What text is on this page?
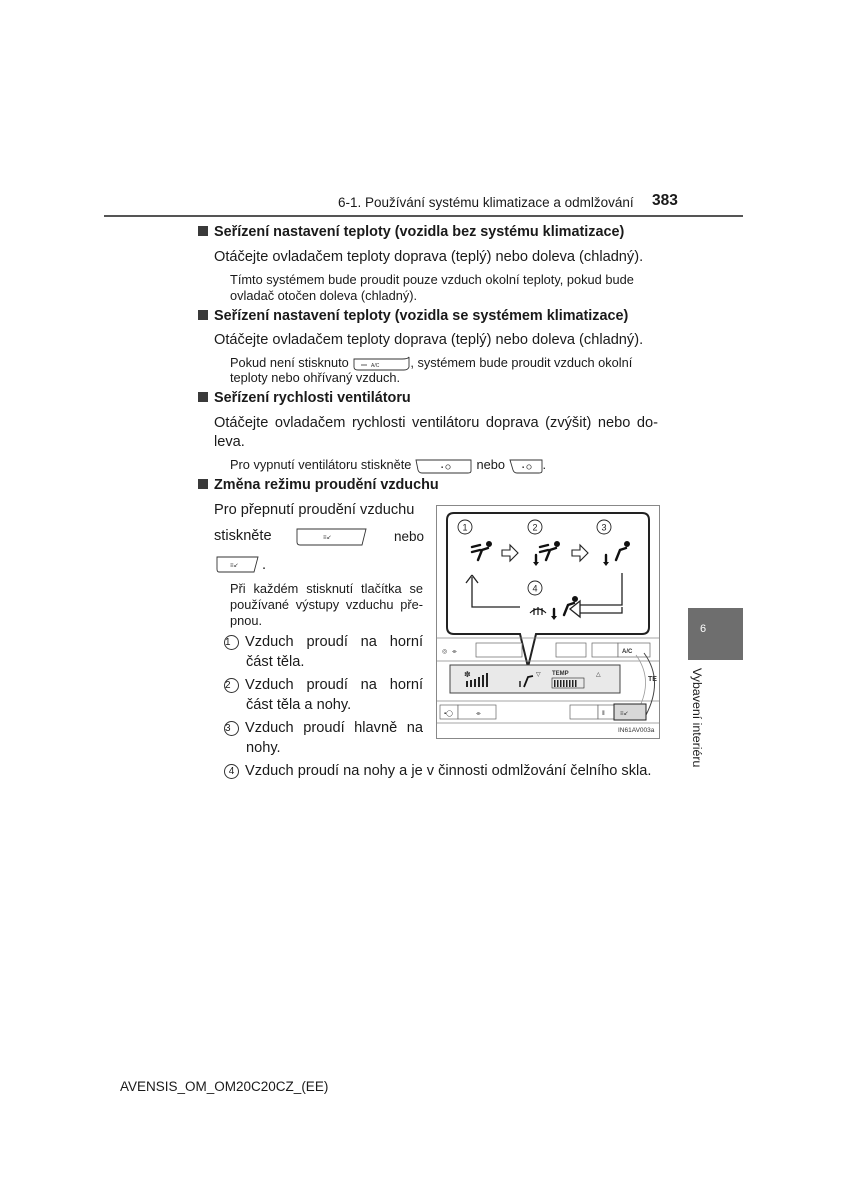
6-1. Používání systému klimatizace a odmlžování 383
Seřízení nastavení teploty (vozidla bez systému klimatizace)
Otáčejte ovladačem teploty doprava (teplý) nebo doleva (chladný).
Tímto systémem bude proudit pouze vzduch okolní teploty, pokud bude
ovladač otočen doleva (chladný).
Seřízení nastavení teploty (vozidla se systémem klimatizace)
Otáčejte ovladačem teploty doprava (teplý) nebo doleva (chladný).
Pokud není stisknuto	A/C , systémem bude proudit vzduch okolní
teploty nebo ohřívaný vzduch.
Seřízení rychlosti ventilátoru
Otáčejte ovladačem rychlosti ventilátoru doprava (zvýšit) nebo do-
leva.
Pro vypnutí ventilátoru stiskněte	▪	nebo	▪ .
Změna režimu proudění vzduchu
Pro přepnutí proudění vzduchu
stiskněte	≡↙	nebo
≡↙ .
Při každém stisknutí tlačítka se
používané výstupy vzduchu pře-
pnou.
1 Vzduch proudí na horní
část těla.
2 Vzduch proudí na horní
část těla a nohy.
3 Vzduch proudí hlavně na
nohy.
4 Vzduch proudí na nohy a je v činnosti odmlžování čelního skla.
1	2	3
4
A/C
◎ ⌯
✽	TEMP
▽	△
TE
▪◯	⌯	⦀	≡↙
IN61AV003a
6
Vybavení interiéru
AVENSIS_OM_OM20C20CZ_(EE)
